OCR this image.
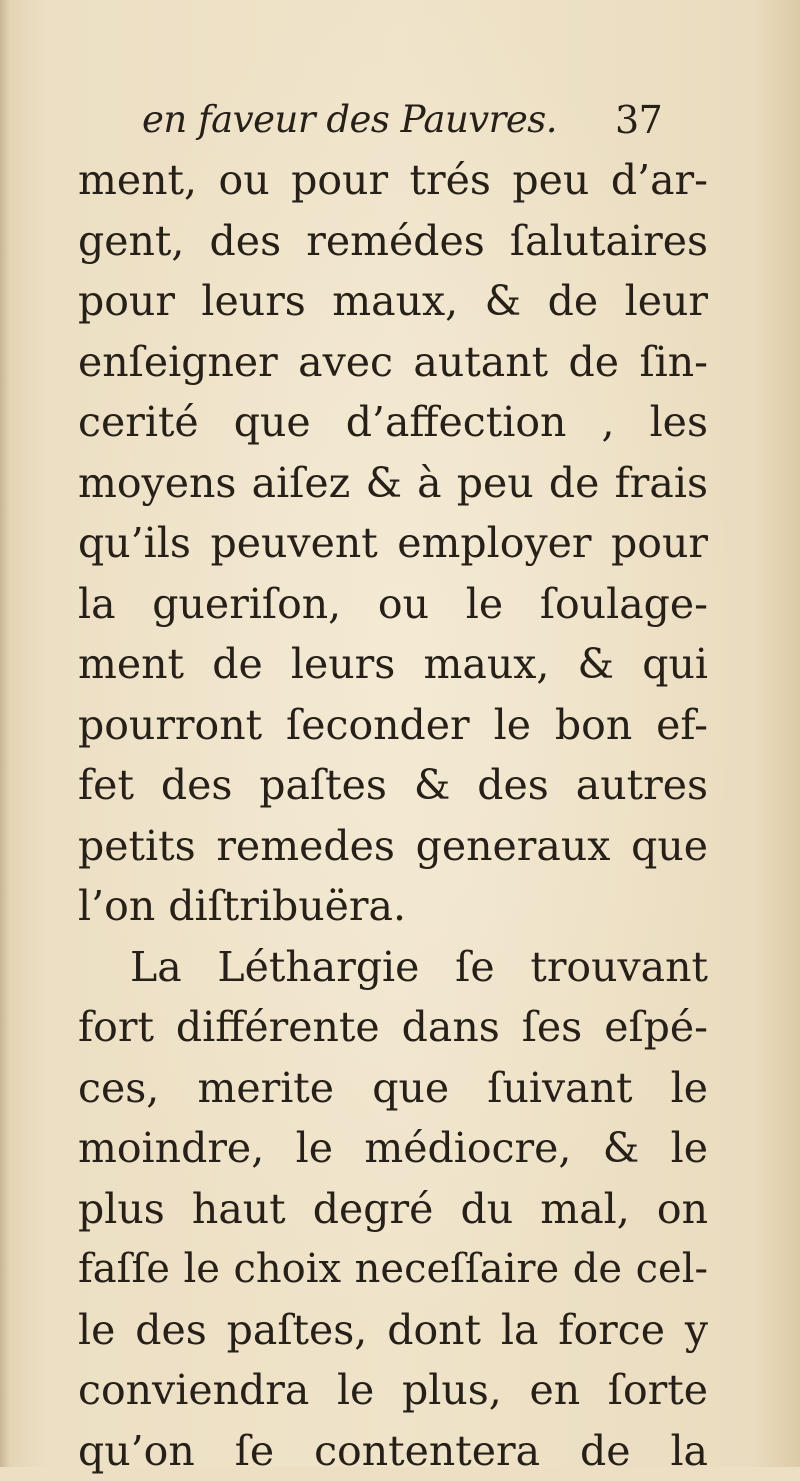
en faveur des Pauvres. 37
ment, ou pour trés peu d’ar-
gent, des remédes ſalutaires
pour leurs maux, & de leur
enſeigner avec autant de ſin-
cerité que d’affection , les
moyens aiſez & à peu de frais
qu’ils peuvent employer pour
la gueriſon, ou le ſoulage-
ment de leurs maux, & qui
pourront ſeconder le bon ef-
fet des paſtes & des autres
petits remedes generaux que
l’on diſtribuëra.
La Léthargie ſe trouvant
fort différente dans ſes eſpé-
ces, merite que ſuivant le
moindre, le médiocre, & le
plus haut degré du mal, on
faſſe le choix neceſſaire de cel-
le des paſtes, dont la force y
conviendra le plus, en ſorte
qu’on ſe contentera de la
